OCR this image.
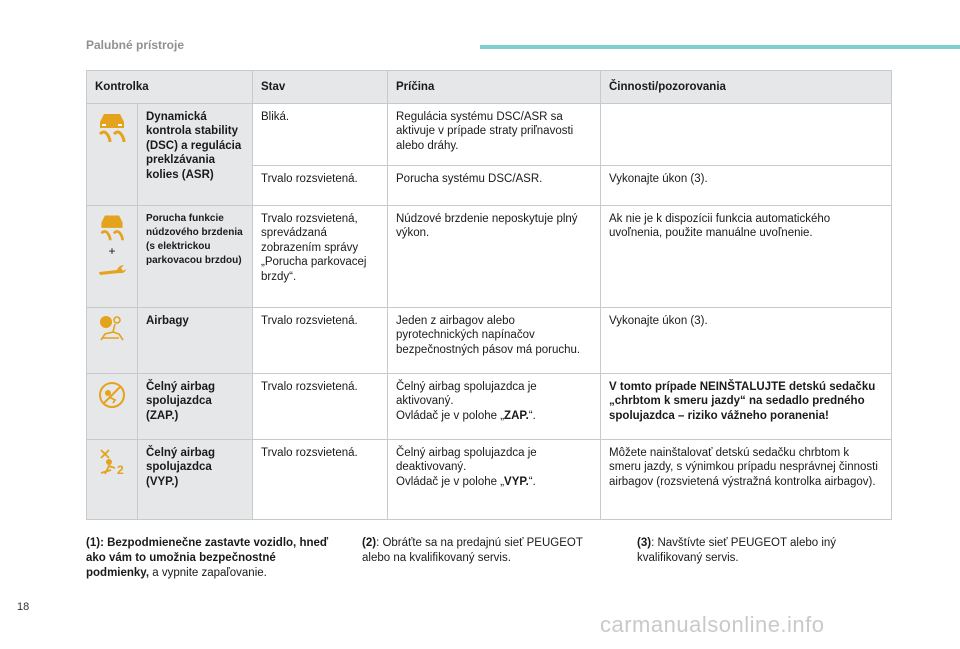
Palubné prístroje
Kontrolka		Stav	Príčina	Činnosti/pozorovania

	Dynamická kontrola stability (DSC) a regulácia preklzávania kolies (ASR)	Bliká.	Regulácia systému DSC/ASR sa aktivuje v prípade straty priľnavosti alebo dráhy.	
		Trvalo rozsvietená.	Porucha systému DSC/ASR.	Vykonajte úkon (3).

+	Porucha funkcie núdzového brzdenia (s elektrickou parkovacou brzdou)	Trvalo rozsvietená, sprevádzaná zobrazením správy „Porucha parkovacej brzdy“.	Núdzové brzdenie neposkytuje plný výkon.	Ak nie je k dispozícii funkcia automatického uvoľnenia, použite manuálne uvoľnenie.

	Airbagy	Trvalo rozsvietená.	Jeden z airbagov alebo pyrotechnických napínačov bezpečnostných pásov má poruchu.	Vykonajte úkon (3).

	Čelný airbag spolujazdca (ZAP.)	Trvalo rozsvietená.	Čelný airbag spolujazdca je aktivovaný.
Ovládač je v polohe „ZAP.“.	V tomto prípade NEINŠTALUJTE detskú sedačku „chrbtom k smeru jazdy“ na sedadlo predného spolujazdca – riziko vážneho poranenia!

2	Čelný airbag spolujazdca (VYP.)	Trvalo rozsvietená.	Čelný airbag spolujazdca je deaktivovaný.
Ovládač je v polohe „VYP.“.	Môžete nainštalovať detskú sedačku chrbtom k smeru jazdy, s výnimkou prípadu nesprávnej činnosti airbagov (rozsvietená výstražná kontrolka airbagov).
(1): Bezpodmienečne zastavte vozidlo, hneď ako vám to umožnia bezpečnostné podmienky, a vypnite zapaľovanie.
(2): Obráťte sa na predajnú sieť PEUGEOT alebo na kvalifikovaný servis.
(3): Navštívte sieť PEUGEOT alebo iný kvalifikovaný servis.
18
carmanualsonline.info
